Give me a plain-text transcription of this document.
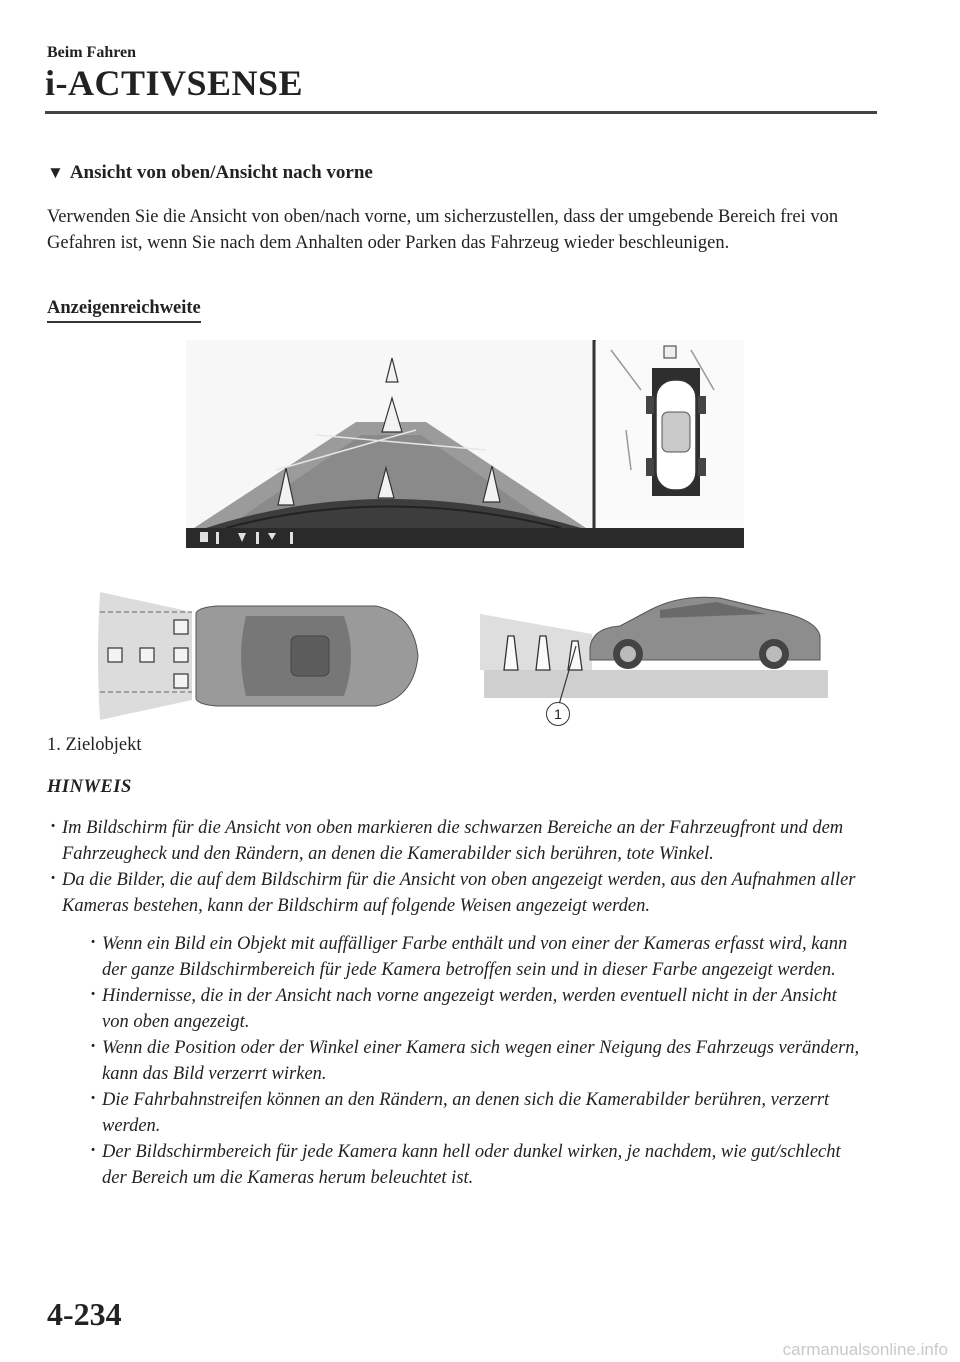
Beim Fahren
i-ACTIVSENSE
▼ Ansicht von oben/Ansicht nach vorne
Verwenden Sie die Ansicht von oben/nach vorne, um sicherzustellen, dass der umgebende Bereich frei von Gefahren ist, wenn Sie nach dem Anhalten oder Parken das Fahrzeug wieder beschleunigen.
Anzeigenreichweite
1
1. Zielobjekt
HINWEIS
· Im Bildschirm für die Ansicht von oben markieren die schwarzen Bereiche an der Fahrzeugfront und dem Fahrzeugheck und den Rändern, an denen die Kamerabilder sich berühren, tote Winkel.
· Da die Bilder, die auf dem Bildschirm für die Ansicht von oben angezeigt werden, aus den Aufnahmen aller Kameras bestehen, kann der Bildschirm auf folgende Weisen angezeigt werden.
· Wenn ein Bild ein Objekt mit auffälliger Farbe enthält und von einer der Kameras erfasst wird, kann der ganze Bildschirmbereich für jede Kamera betroffen sein und in dieser Farbe angezeigt werden.
· Hindernisse, die in der Ansicht nach vorne angezeigt werden, werden eventuell nicht in der Ansicht von oben angezeigt.
· Wenn die Position oder der Winkel einer Kamera sich wegen einer Neigung des Fahrzeugs verändern, kann das Bild verzerrt wirken.
· Die Fahrbahnstreifen können an den Rändern, an denen sich die Kamerabilder berühren, verzerrt werden.
· Der Bildschirmbereich für jede Kamera kann hell oder dunkel wirken, je nachdem, wie gut/schlecht der Bereich um die Kameras herum beleuchtet ist.
4-234
carmanualsonline.info
